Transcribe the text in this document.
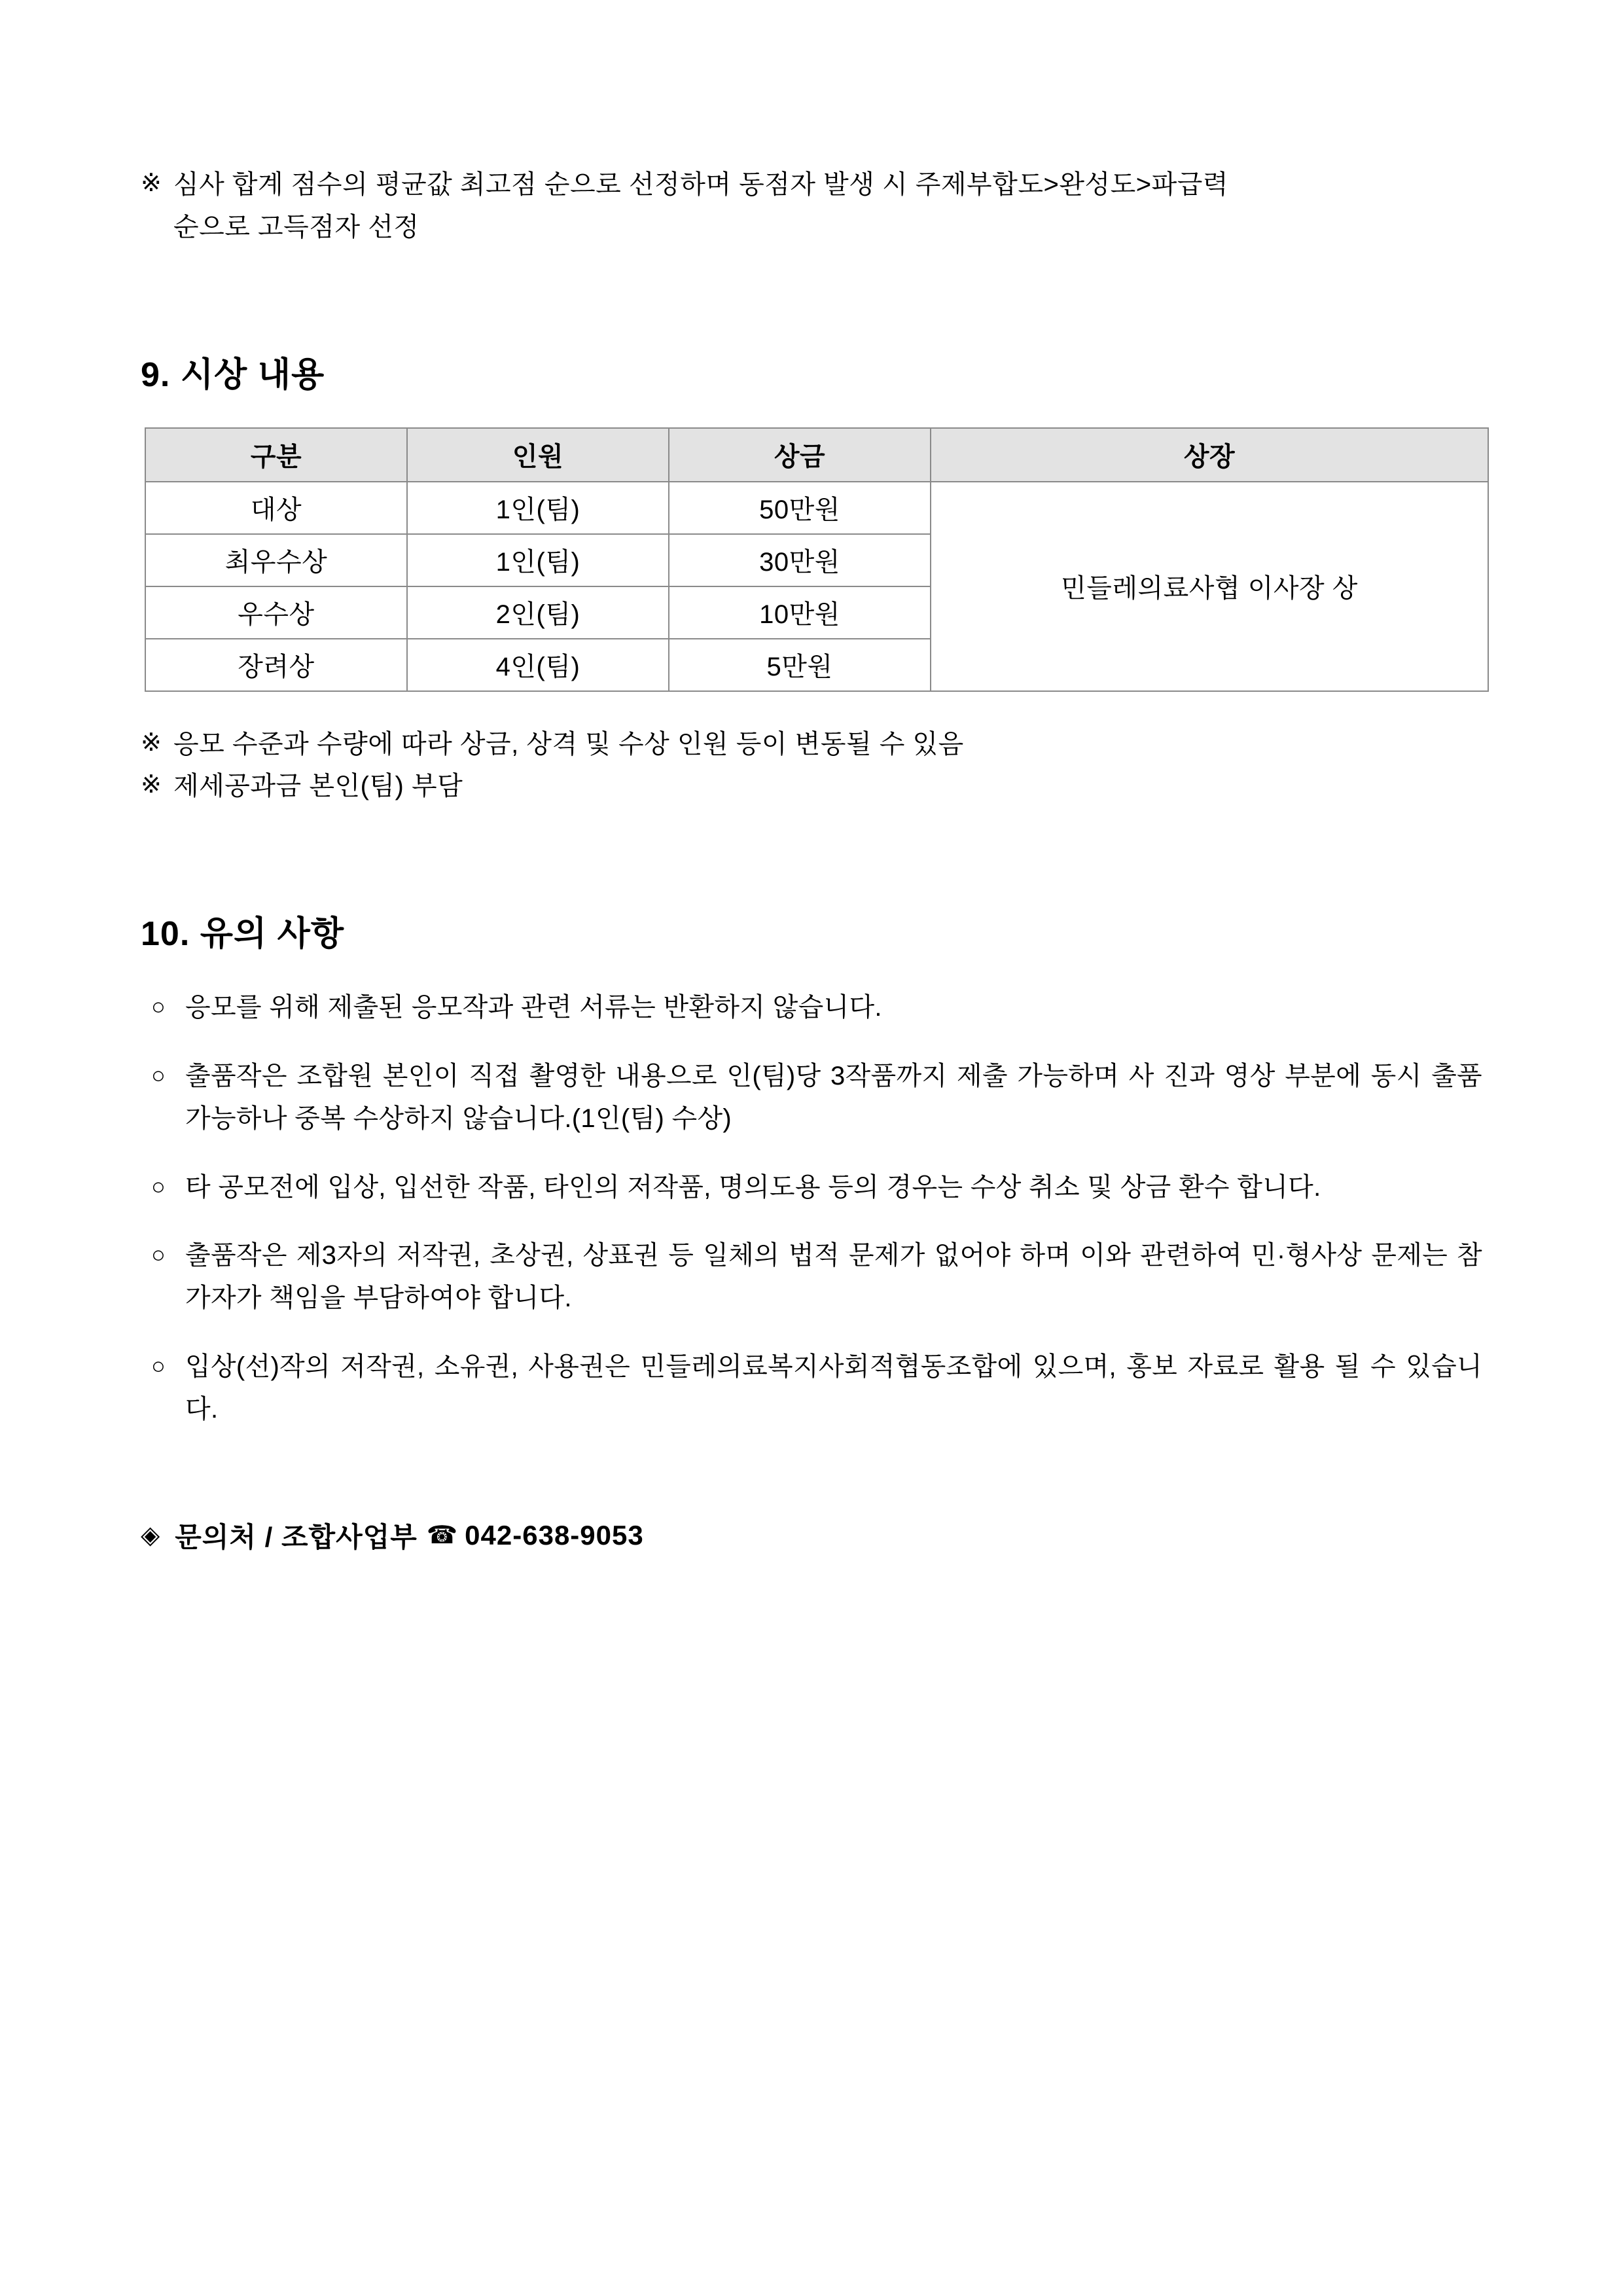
※ 심사 합계 점수의 평균값 최고점 순으로 선정하며 동점자 발생 시 주제부합도>완성도>파급력
순으로 고득점자 선정
9. 시상 내용
구분	인원	상금	상장
대상	1인(팀)	50만원	민들레의료사협 이사장 상
최우수상	1인(팀)	30만원	
우수상	2인(팀)	10만원	
장려상	4인(팀)	5만원	
※ 응모 수준과 수량에 따라 상금, 상격 및 수상 인원 등이 변동될 수 있음
※ 제세공과금 본인(팀) 부담
10. 유의 사항
○ 응모를 위해 제출된 응모작과 관련 서류는 반환하지 않습니다.
○ 출품작은 조합원 본인이 직접 촬영한 내용으로 인(팀)당 3작품까지 제출 가능하며 사 진과 영상 부분에 동시 출품 가능하나 중복 수상하지 않습니다.(1인(팀) 수상)
○ 타 공모전에 입상, 입선한 작품, 타인의 저작품, 명의도용 등의 경우는 수상 취소 및 상금 환수 합니다.
○ 출품작은 제3자의 저작권, 초상권, 상표권 등 일체의 법적 문제가 없어야 하며 이와 관련하여 민·형사상 문제는 참가자가 책임을 부담하여야 합니다.
○ 입상(선)작의 저작권, 소유권, 사용권은 민들레의료복지사회적협동조합에 있으며, 홍보 자료로 활용 될 수 있습니다.
◈ 문의처 / 조합사업부 ☎ 042-638-9053
